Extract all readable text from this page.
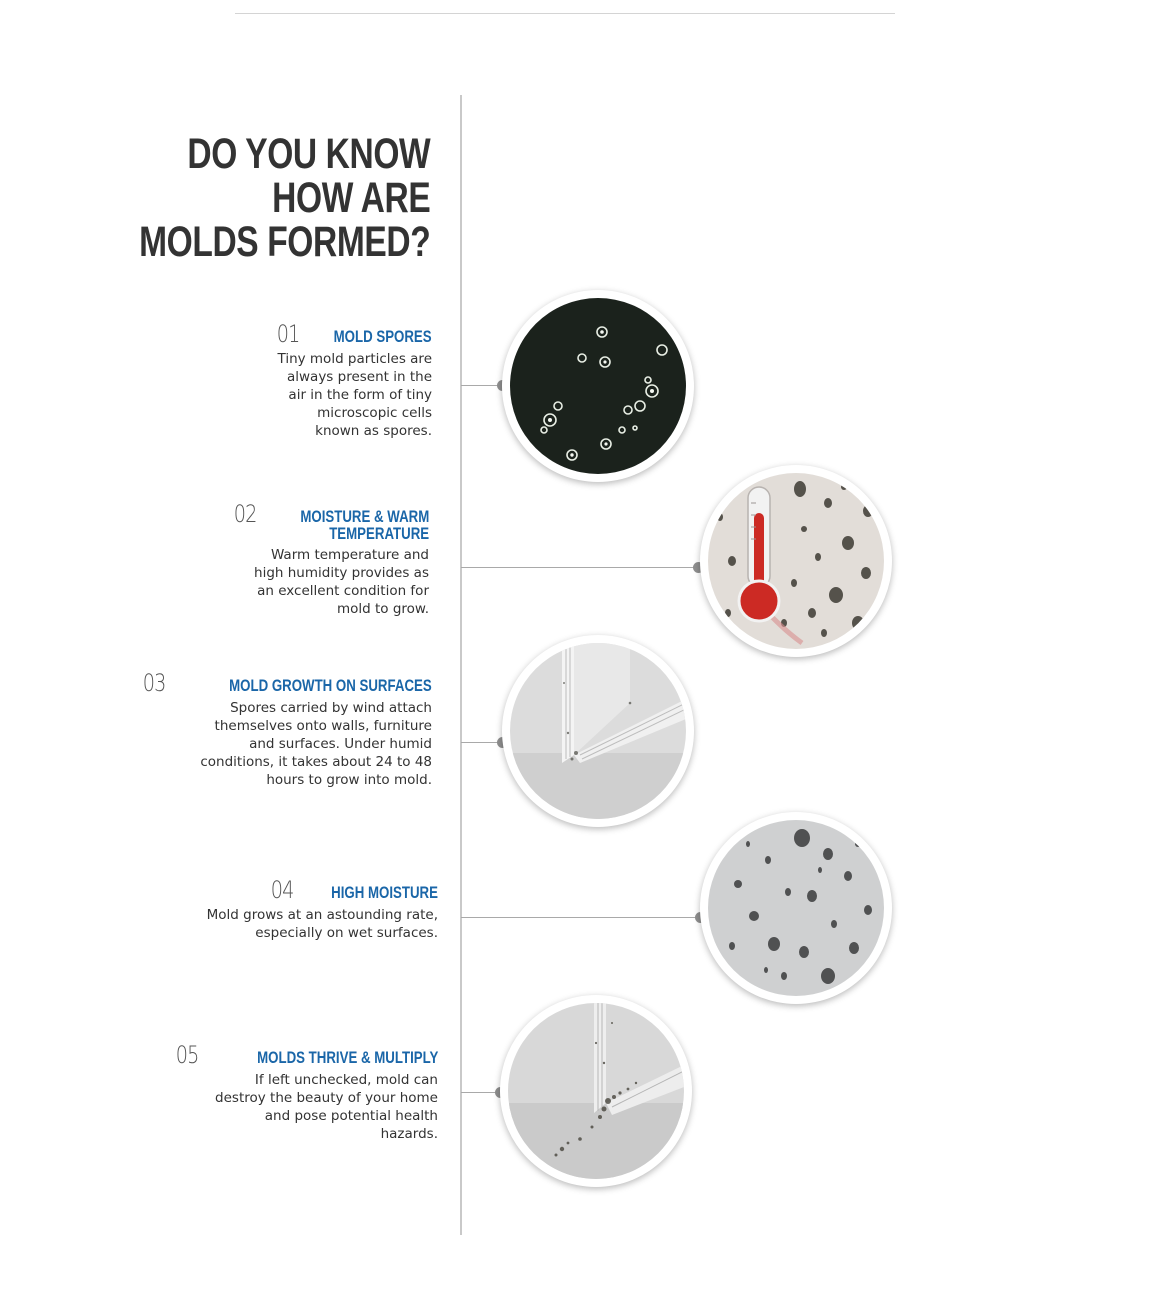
DO YOU KNOW
HOW ARE
MOLDS FORMED?
01 MOLD SPORES
Tiny mold particles are
always present in the
air in the form of tiny
microscopic cells
known as spores.
02	MOISTURE & WARM
TEMPERATURE
Warm temperature and
high humidity provides as
an excellent condition for
mold to grow.
03	MOLD GROWTH ON SURFACES
Spores carried by wind attach
themselves onto walls, furniture
and surfaces. Under humid
conditions, it takes about 24 to 48
hours to grow into mold.
04 HIGH MOISTURE
Mold grows at an astounding rate,
especially on wet surfaces.
05	MOLDS THRIVE & MULTIPLY
If left unchecked, mold can
destroy the beauty of your home
and pose potential health
hazards.
